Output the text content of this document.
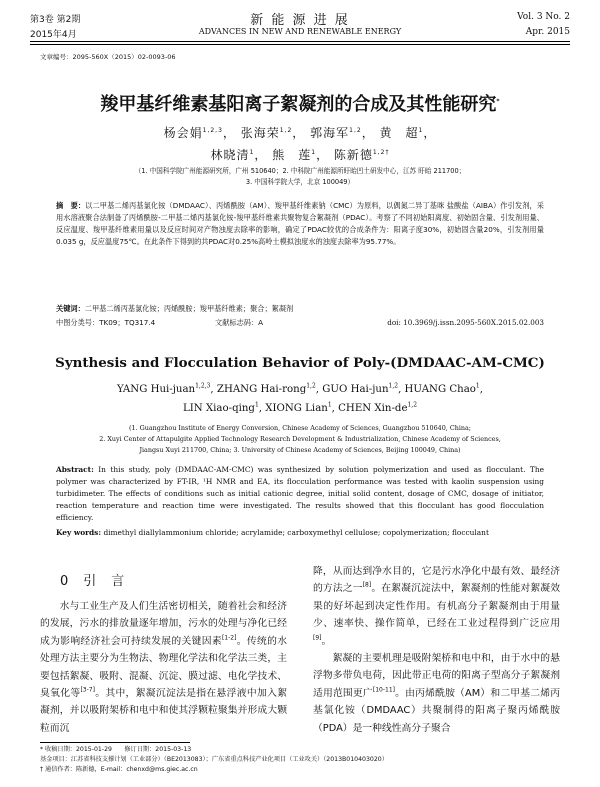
第3卷 第2期	新 能 源 进 展	Vol. 3 No. 2
2015年4月	ADVANCES IN NEW AND RENEWABLE ENERGY	Apr. 2015
文章编号：2095-560X（2015）02-0093-06
羧甲基纤维素基阳离子絮凝剂的合成及其性能研究*
杨会娟$^{1,2,3}$， 张海荣$^{1,2}$， 郭海军$^{1,2}$， 黄　超$^1$，
林晓清$^1$， 熊　莲$^1$， 陈新德$^{1,2\dagger}$
（1. 中国科学院广州能源研究所，广州 510640；2. 中科院广州能源所盱眙凹土研发中心，江苏 盱眙 211700；
3. 中国科学院大学，北京 100049）
摘　要：以二甲基二烯丙基氯化铵（DMDAAC）、丙烯酰胺（AM）、羧甲基纤维素钠（CMC）为原料，以偶氮二异丁基咪 盐酸盐（AIBA）作引发剂，采用水溶液聚合法制备了丙烯酰胺-二甲基二烯丙基氯化铵-羧甲基纤维素共聚物复合絮凝剂（PDAC）。考察了不同初始阳离度、初始固含量、引发剂用量、反应温度、羧甲基纤维素用量以及反应时间对产物浊度去除率的影响，确定了PDAC较优的合成条件为：阳离子度30%，初始固含量20%，引发剂用量0.035 g，反应温度75℃。在此条件下得到的共PDAC对0.25%高岭土模拟浊度水的浊度去除率为95.77%。
关键词：二甲基二烯丙基氯化铵；丙烯酰胺；羧甲基纤维素；聚合；絮凝剂
中图分类号：TK09；TQ317.4	文献标志码：A	doi: 10.3969/j.issn.2095-560X.2015.02.003
Synthesis and Flocculation Behavior of Poly-(DMDAAC-AM-CMC)
YANG Hui-juan$^{1,2,3}$, ZHANG Hai-rong$^{1,2}$, GUO Hai-jun$^{1,2}$, HUANG Chao$^1$,
LIN Xiao-qing$^1$, XIONG Lian$^1$, CHEN Xin-de$^{1,2}$
(1. Guangzhou Institute of Energy Conversion, Chinese Academy of Sciences, Guangzhou 510640, China;
2. Xuyi Center of Attapulgite Applied Technology Research Development & Industrialization, Chinese Academy of Sciences,
Jiangsu Xuyi 211700, China; 3. University of Chinese Academy of Sciences, Beijing 100049, China)
Abstract: In this study, poly (DMDAAC-AM-CMC) was synthesized by solution polymerization and used as flocculant. The polymer was characterized by FT-IR, ¹H NMR and EA, its flocculation performance was tested with kaolin suspension using turbidimeter. The effects of conditions such as initial cationic degree, initial solid content, dosage of CMC, dosage of initiator, reaction temperature and reaction time were investigated. The results showed that this flocculant has good flocculation efficiency.
Key words: dimethyl diallylammonium chloride; acrylamide; carboxymethyl cellulose; copolymerization; flocculant
0　引　言
水与工业生产及人们生活密切相关，随着社会和经济的发展，污水的排放量逐年增加，污水的处理与净化已经成为影响经济社会可持续发展的关键因素[1-2]。传统的水处理方法主要分为生物法、物理化学法和化学法三类，主要包括絮凝、吸附、混凝、沉淀、膜过滤、电化学技术、臭氧化等[3-7]。其中，絮凝沉淀法是指在悬浮液中加入絮凝剂，并以吸附架桥和电中和使其浮颗粒聚集并形成大颗粒而沉
降，从而达到净水目的，它是污水净化中最有效、最经济的方法之一[8]。在絮凝沉淀法中，絮凝剂的性能对絮凝效果的好坏起到决定性作用。有机高分子絮凝剂由于用量少、速率快、操作简单，已经在工业过程得到广泛应用[9]。
絮凝的主要机理是吸附架桥和电中和，由于水中的悬浮物多带负电荷，因此带正电荷的阳离子型高分子絮凝剂适用范围更广[10-11]。由丙烯酰胺（AM）和二甲基二烯丙基氯化铵（DMDAAC）共聚制得的阳离子聚丙烯酰胺（PDA）是一种线性高分子聚合
* 收稿日期：2015-01-29　　修订日期：2015-03-13
基金项目：江苏省科技支撑计划（工业部分）（BE2013083）；广东省重点科技产业化项目（工业攻关）（2013B010403020）
† 通信作者：陈新德，E-mail：chenxd@ms.giec.ac.cn
